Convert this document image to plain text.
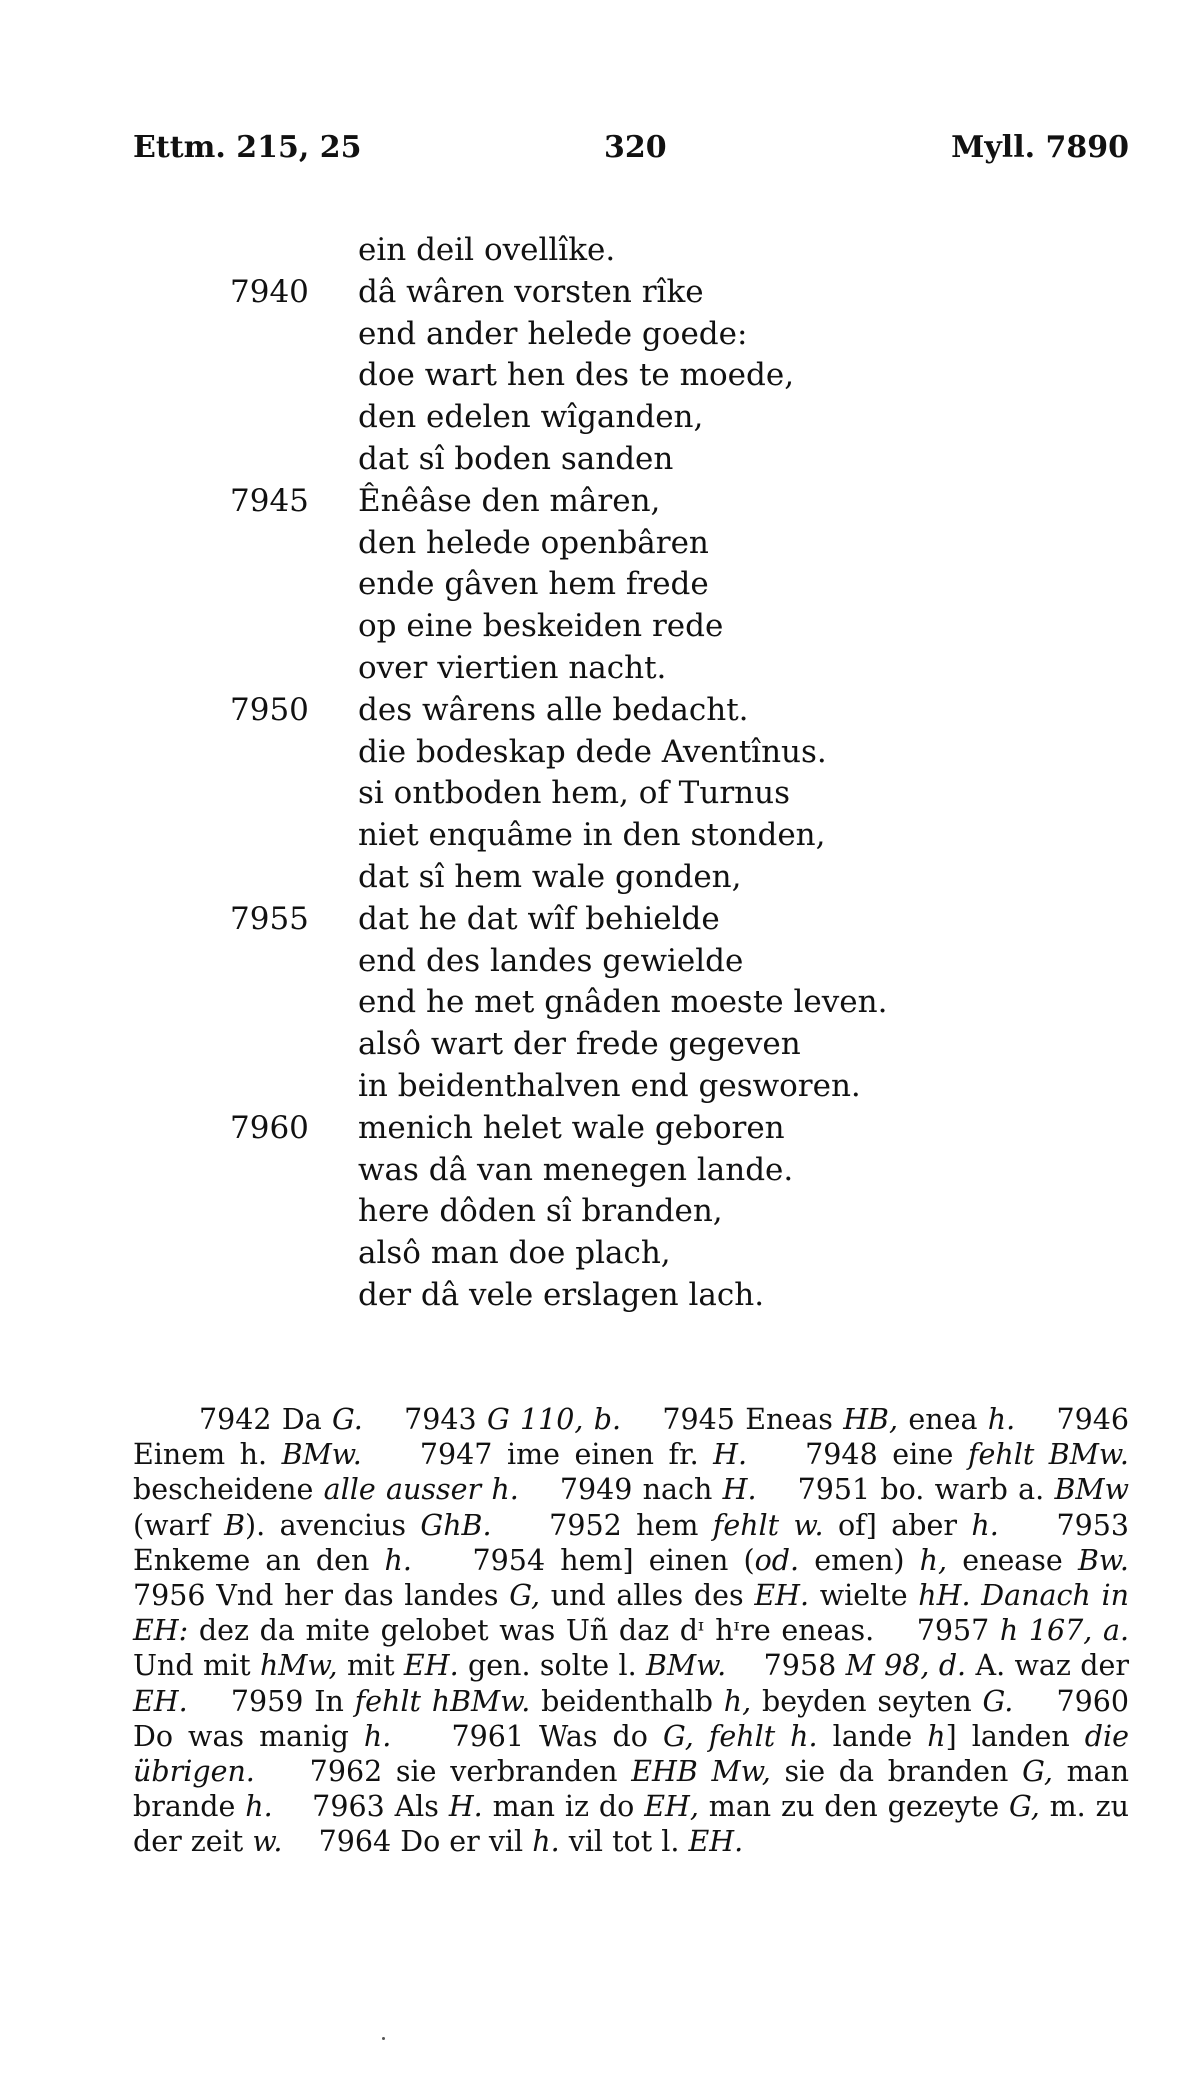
Ettm. 215, 25	320	Myll. 7890
ein deil ovellîke.
7940 dâ wâren vorsten rîke
end ander helede goede:
doe wart hen des te moede,
den edelen wîganden,
dat sî boden sanden
7945 Ênêâse den mâren,
den helede openbâren
ende gâven hem frede
op eine beskeiden rede
over viertien nacht.
7950 des wârens alle bedacht.
die bodeskap dede Aventînus.
si ontboden hem, of Turnus
niet enquâme in den stonden,
dat sî hem wale gonden,
7955 dat he dat wîf behielde
end des landes gewielde
end he met gnâden moeste leven.
alsô wart der frede gegeven
in beidenthalven end gesworen.
7960 menich helet wale geboren
was dâ van menegen lande.
here dôden sî branden,
alsô man doe plach,
der dâ vele erslagen lach.
7942 Da G.    7943 G 110, b.    7945 Eneas HB, enea h.    7946 Einem h. BMw.    7947 ime einen fr. H.    7948 eine fehlt BMw. bescheidene alle ausser h.    7949 nach H.    7951 bo. warb a. BMw (warf B). avencius GhB.    7952 hem fehlt w. of] aber h.    7953 Enkeme an den h.    7954 hem] einen (od. emen) h, enease Bw.    7956 Vnd her das landes G, und alles des EH. wielte hH. Danach in EH: dez da mite gelobet was Uñ daz dᶦ hᶦre eneas.    7957 h 167, a. Und mit hMw, mit EH. gen. solte l. BMw.    7958 M 98, d. A. waz der EH.    7959 In fehlt hBMw. beidenthalb h, beyden seyten G.    7960 Do was manig h.    7961 Was do G, fehlt h. lande h] landen die übrigen.    7962 sie verbranden EHB Mw, sie da branden G, man brande h.    7963 Als H. man iz do EH, man zu den gezeyte G, m. zu der zeit w.    7964 Do er vil h. vil tot l. EH.
